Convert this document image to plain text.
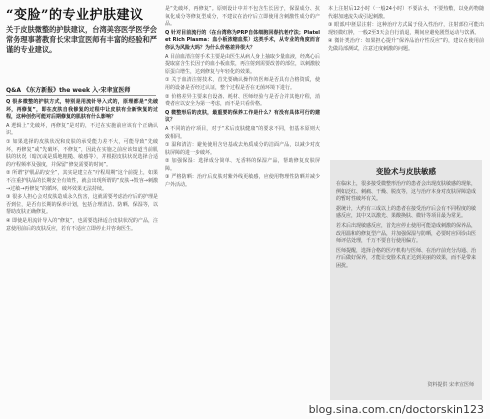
“变脸”的专业护肤建议
关于皮肤微整的护肤建议，台湾美容医学医学会常务理事著教育长宋聿宣医师有丰富的经验和严谨的专业建议。
Q&A 《东方新报》the week 入·宋聿宣医师

Q 很多微整的护肤方式，特别是用流针导入式的，原理都是“先破坏，再修复”，即在皮肤自我修复的过程中让皮肤有全新恢复的过程，这种创伤可能对后期修复的肌肤有什么影响？

A 逻辑上“先破坏，再修复”是对的，不过在实施前应该有个正确认识。

① 如果选择的皮肤状况和皮肤的承受能力差不大，可能导致“先破坏，再修复”或“先破坏，不修复”，因此在实施之前应该知道当前肌肤的状况（暗沉或是质地粗糙、敏感等），并根据皮肤状况选择合适的疗程频率及强度，并保留“修复需要的时间”。

② 所谓“护肌品的安全”，其实是建立在“疗程周期”这个前提上，如果不注重护肤品的长期安全有效性，就会出现所谓的“皮肤→毁容→刺激→过敏→再修复”的循环，破坏效果无法持续。

③ 很多人担心会对皮肤造成永久伤害，这就需要考虑治疗后的护理是否到位，是否有长期的保养计划，包括合理清洁、防晒、保湿等，以帮助皮肤正确修复。

④ 即使是用流针导入的“修复”，也需要选择适合皮肤状况的产品，注意使用前后的皮肤反应，若有不适应立即停止并咨询医生。

是“先破坏，再修复”。原则设计中并不包含生长因子，保湿成分、抗氧化成分等修复型成分，不建议在治疗后立即使用含刺激性成分的产品。

Q 针对目前流行的（在台湾称为PRP自体细胞回春抗老疗法；Platelet Rich Plasma：血小板浓缩血浆）这类手术，从专业的角度而言你认为风险大吗？为什么价格差异很大？

A 目前血清注射手术主要是由医生从病人身上抽取少量血液，经离心后提取富含生长因子的血小板血浆，再注射到需要改善的部位，以刺激胶原蛋白增生，达到修复与年轻化的效果。

① 关于血清注射技术，首先要确认操作的医师是否具有合格资质，使用的设备是否经过认证，整个过程是否在无菌环境下进行。

② 价格差异主要来自设备、耗材、医师经验与是否合并其他疗程，消费者应以安全为第一考虑，而不是只看价格。

Q 微整形后的皮肤，最重要的保养工作是什么？有没有具体可行的建议？

A 不同的治疗项目，对于“术后皮肤健康”的要求不同，但基本原则大致相同。

① 温和清洁：避免使用含皂基或去角质成分的洁面产品，以减少对皮肤屏障的进一步破坏。

② 加强保湿：选择成分简单、无香料的保湿产品，帮助修复皮肤屏障。

③ 严格防晒：治疗后皮肤对紫外线更敏感，应使用物理性防晒并减少户外活动。

本上注射后12小时（一般24小时）不要沾水，不要热敷，以免药物随代谢加速流失或引起刺激。

③ 眼部/中胚层注射：这种治疗方式属于侵入性治疗，注射部位可能出现轻微红肿，一般2至3天会自行消退，期间应避免剧烈运动与饮酒。

④ 微针类治疗：如果担心提升“保养品治疗性反应”的，建议在使用前先做局部测试，注意过度刺激的问题。

变脸术与皮肤敏感

在临床上，很多接受微整形治疗的患者会出现皮肤敏感的现象，例如泛红、刺痛、干燥、脱皮等，这与治疗本身对皮肤屏障造成的暂时性破坏有关。

据统计，大约有三成以上的患者在接受治疗后会有不同程度的敏感反应，其中又以激光、果酸换肤、微针等项目最为常见。

若术后出现敏感反应，首先应停止使用可能造成刺激的保养品，改用温和的修复型产品，并加强保湿与防晒，必要时应回诊由医师评估处理，千万不要自行使用偏方。

医师提醒，选择合格的医疗机构与医师、在治疗前充分沟通、治疗后做好保养，才能让变脸术真正达到美丽的效果，而不是带来困扰。

资料提供 宋聿宣医师
blog.sina.com.cn/doctorskin123
